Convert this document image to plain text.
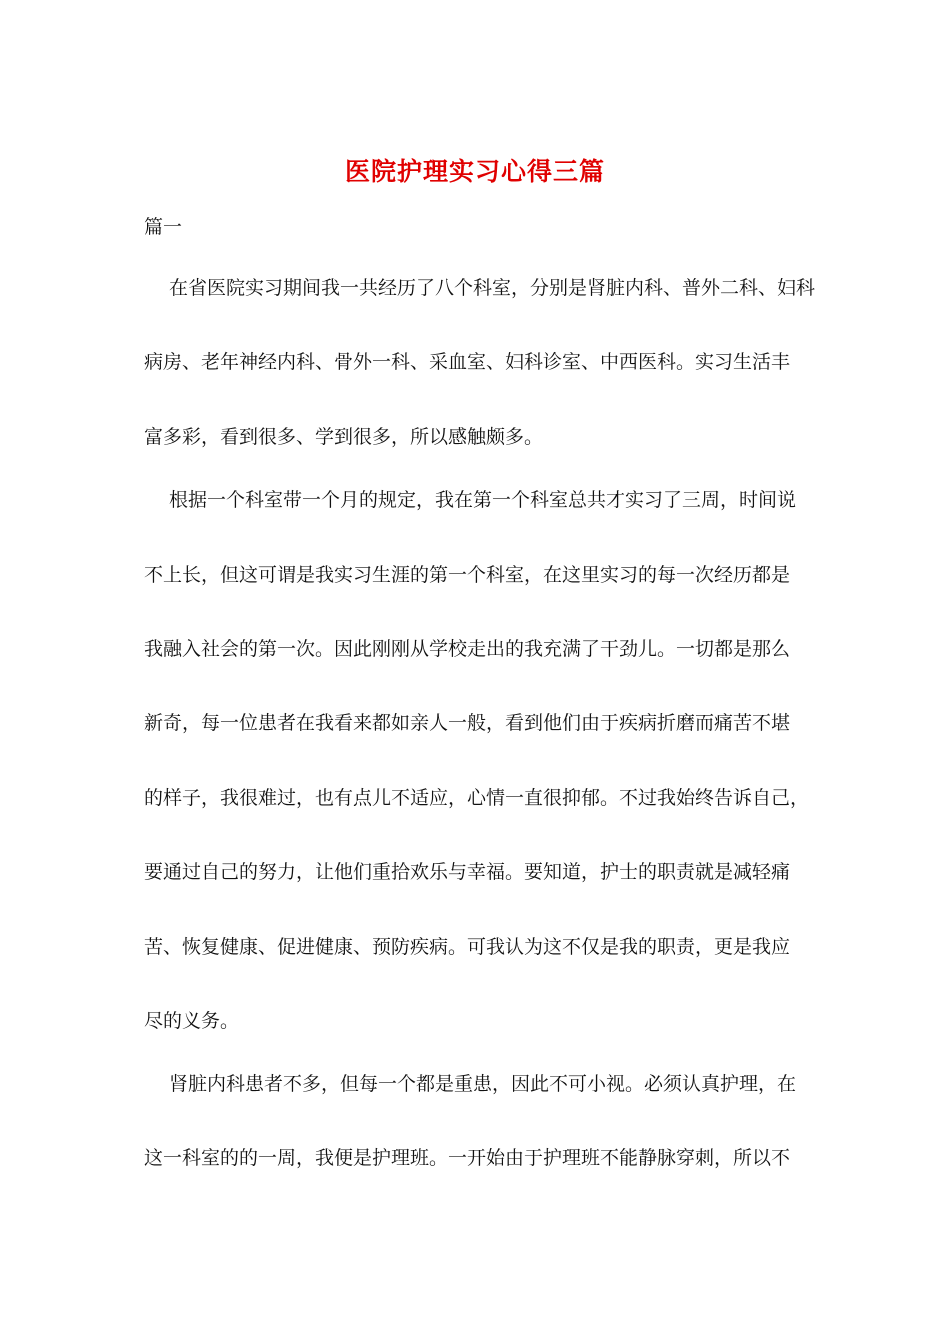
医院护理实习心得三篇
篇一
　在省医院实习期间我一共经历了八个科室，分别是肾脏内科、普外二科、妇科
病房、老年神经内科、骨外一科、采血室、妇科诊室、中西医科。实习生活丰
富多彩，看到很多、学到很多，所以感触颇多。
　根据一个科室带一个月的规定，我在第一个科室总共才实习了三周，时间说
不上长，但这可谓是我实习生涯的第一个科室，在这里实习的每一次经历都是
我融入社会的第一次。因此刚刚从学校走出的我充满了干劲儿。一切都是那么
新奇，每一位患者在我看来都如亲人一般，看到他们由于疾病折磨而痛苦不堪
的样子，我很难过，也有点儿不适应，心情一直很抑郁。不过我始终告诉自己，
要通过自己的努力，让他们重拾欢乐与幸福。要知道，护士的职责就是减轻痛
苦、恢复健康、促进健康、预防疾病。可我认为这不仅是我的职责，更是我应
尽的义务。
　肾脏内科患者不多，但每一个都是重患，因此不可小视。必须认真护理，在
这一科室的的一周，我便是护理班。一开始由于护理班不能静脉穿刺，所以不
